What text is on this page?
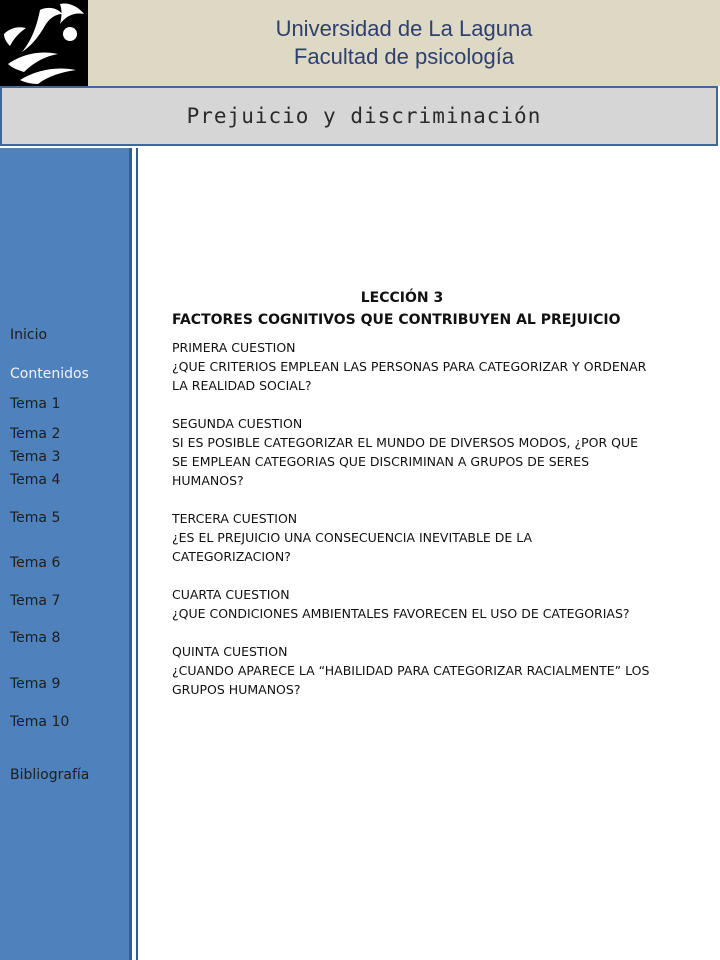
Universidad de La Laguna
Facultad de psicología
Prejuicio y discriminación
Inicio
Contenidos
Tema 1
Tema 2
Tema 3
Tema 4
Tema 5
Tema 6
Tema 7
Tema 8
Tema 9
Tema 10
Bibliografía

LECCIÓN 3

FACTORES COGNITIVOS QUE CONTRIBUYEN AL PREJUICIO

PRIMERA CUESTION
¿QUE CRITERIOS EMPLEAN LAS PERSONAS PARA CATEGORIZAR Y ORDENAR
LA REALIDAD SOCIAL?
SEGUNDA CUESTION
SI ES POSIBLE CATEGORIZAR EL MUNDO DE DIVERSOS MODOS, ¿POR QUE
SE EMPLEAN CATEGORIAS QUE DISCRIMINAN A GRUPOS DE SERES
HUMANOS?
TERCERA CUESTION
¿ES EL PREJUICIO UNA CONSECUENCIA INEVITABLE DE LA
CATEGORIZACION?
CUARTA CUESTION
¿QUE CONDICIONES AMBIENTALES FAVORECEN EL USO DE CATEGORIAS?
QUINTA CUESTION
¿CUANDO APARECE LA “HABILIDAD PARA CATEGORIZAR RACIALMENTE” LOS
GRUPOS HUMANOS?
